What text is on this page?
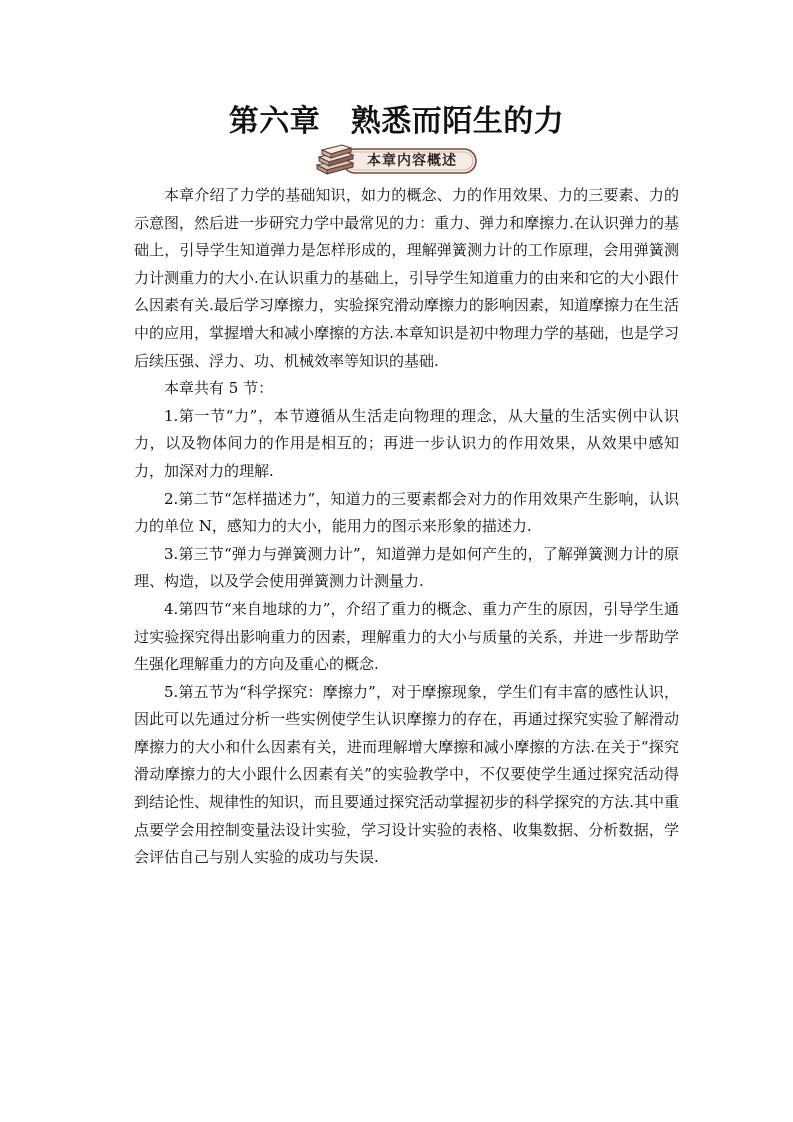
第六章　熟悉而陌生的力
本章内容概述

本章介绍了力学的基础知识，如力的概念、力的作用效果、力的三要素、力的示意图，然后进一步研究力学中最常见的力：重力、弹力和摩擦力.在认识弹力的基础上，引导学生知道弹力是怎样形成的，理解弹簧测力计的工作原理，会用弹簧测力计测重力的大小.在认识重力的基础上，引导学生知道重力的由来和它的大小跟什么因素有关.最后学习摩擦力，实验探究滑动摩擦力的影响因素，知道摩擦力在生活中的应用，掌握增大和减小摩擦的方法.本章知识是初中物理力学的基础，也是学习后续压强、浮力、功、机械效率等知识的基础.

本章共有 5 节：

1.第一节“力”，本节遵循从生活走向物理的理念，从大量的生活实例中认识力，以及物体间力的作用是相互的；再进一步认识力的作用效果，从效果中感知力，加深对力的理解.

2.第二节“怎样描述力”，知道力的三要素都会对力的作用效果产生影响，认识力的单位 N，感知力的大小，能用力的图示来形象的描述力.

3.第三节“弹力与弹簧测力计”，知道弹力是如何产生的，了解弹簧测力计的原理、构造，以及学会使用弹簧测力计测量力.

4.第四节“来自地球的力”，介绍了重力的概念、重力产生的原因，引导学生通过实验探究得出影响重力的因素，理解重力的大小与质量的关系，并进一步帮助学生强化理解重力的方向及重心的概念.

5.第五节为“科学探究：摩擦力”，对于摩擦现象，学生们有丰富的感性认识，因此可以先通过分析一些实例使学生认识摩擦力的存在，再通过探究实验了解滑动摩擦力的大小和什么因素有关，进而理解增大摩擦和减小摩擦的方法.在关于“探究滑动摩擦力的大小跟什么因素有关”的实验教学中，不仅要使学生通过探究活动得到结论性、规律性的知识，而且要通过探究活动掌握初步的科学探究的方法.其中重点要学会用控制变量法设计实验，学习设计实验的表格、收集数据、分析数据，学会评估自己与别人实验的成功与失误.
